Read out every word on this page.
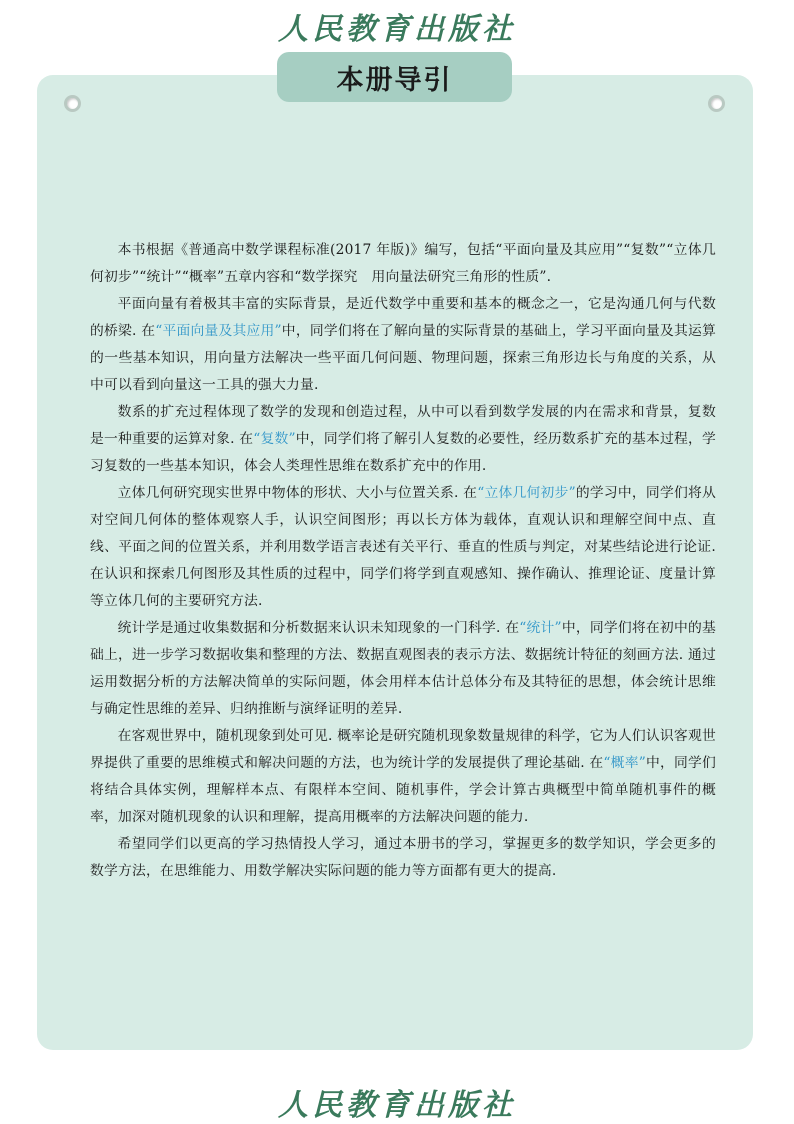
人民教育出版社
本册导引

本书根据《普通高中数学课程标准(2017 年版)》编写，包括“平面向量及其应用”“复数”“立体几何初步”“统计”“概率”五章内容和“数学探究　用向量法研究三角形的性质”.

平面向量有着极其丰富的实际背景，是近代数学中重要和基本的概念之一，它是沟通几何与代数的桥梁. 在“平面向量及其应用”中，同学们将在了解向量的实际背景的基础上，学习平面向量及其运算的一些基本知识，用向量方法解决一些平面几何问题、物理问题，探索三角形边长与角度的关系，从中可以看到向量这一工具的强大力量.

数系的扩充过程体现了数学的发现和创造过程，从中可以看到数学发展的内在需求和背景，复数是一种重要的运算对象. 在“复数”中，同学们将了解引人复数的必要性，经历数系扩充的基本过程，学习复数的一些基本知识，体会人类理性思维在数系扩充中的作用.

立体几何研究现实世界中物体的形状、大小与位置关系. 在“立体几何初步”的学习中，同学们将从对空间几何体的整体观察人手，认识空间图形；再以长方体为载体，直观认识和理解空间中点、直线、平面之间的位置关系，并利用数学语言表述有关平行、垂直的性质与判定，对某些结论进行论证. 在认识和探索几何图形及其性质的过程中，同学们将学到直观感知、操作确认、推理论证、度量计算等立体几何的主要研究方法.

统计学是通过收集数据和分析数据来认识未知现象的一门科学. 在“统计”中，同学们将在初中的基础上，进一步学习数据收集和整理的方法、数据直观图表的表示方法、数据统计特征的刻画方法. 通过运用数据分析的方法解决简单的实际问题，体会用样本估计总体分布及其特征的思想，体会统计思维与确定性思维的差异、归纳推断与演绎证明的差异.

在客观世界中，随机现象到处可见. 概率论是研究随机现象数量规律的科学，它为人们认识客观世界提供了重要的思维模式和解决问题的方法，也为统计学的发展提供了理论基础. 在“概率”中，同学们将结合具体实例，理解样本点、有限样本空间、随机事件，学会计算古典概型中简单随机事件的概率，加深对随机现象的认识和理解，提高用概率的方法解决问题的能力.

希望同学们以更高的学习热情投人学习，通过本册书的学习，掌握更多的数学知识，学会更多的数学方法，在思维能力、用数学解决实际问题的能力等方面都有更大的提高.

人民教育出版社
